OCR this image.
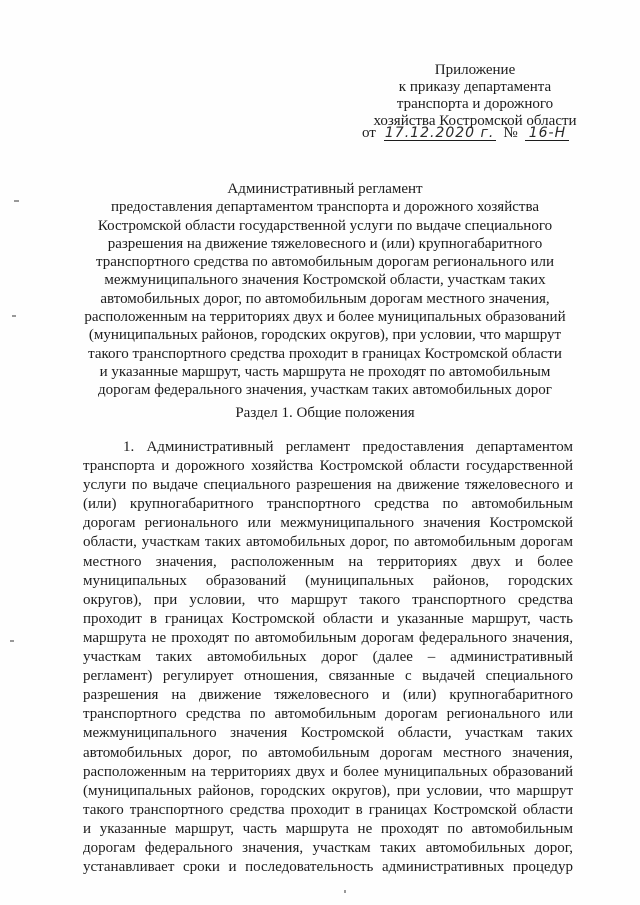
Приложение
к приказу департамента
транспорта и дорожного
хозяйства Костромской области
от 17.12.2020 г. № 16-Н
Административный регламент
предоставления департаментом транспорта и дорожного хозяйства
Костромской области государственной услуги по выдаче специального
разрешения на движение тяжеловесного и (или) крупногабаритного
транспортного средства по автомобильным дорогам регионального или
межмуниципального значения Костромской области, участкам таких
автомобильных дорог, по автомобильным дорогам местного значения,
расположенным на территориях двух и более муниципальных образований
(муниципальных районов, городских округов), при условии, что маршрут
такого транспортного средства проходит в границах Костромской области
и указанные маршрут, часть маршрута не проходят по автомобильным
дорогам федерального значения, участкам таких автомобильных дорог
Раздел 1. Общие положения
1. Административный регламент предоставления департаментом
транспорта и дорожного хозяйства Костромской области государственной
услуги по выдаче специального разрешения на движение тяжеловесного и
(или) крупногабаритного транспортного средства по автомобильным
дорогам регионального или межмуниципального значения Костромской
области, участкам таких автомобильных дорог, по автомобильным дорогам
местного значения, расположенным на территориях двух и более
муниципальных образований (муниципальных районов, городских
округов), при условии, что маршрут такого транспортного средства
проходит в границах Костромской области и указанные маршрут, часть
маршрута не проходят по автомобильным дорогам федерального значения,
участкам таких автомобильных дорог (далее – административный
регламент) регулирует отношения, связанные с выдачей специального
разрешения на движение тяжеловесного и (или) крупногабаритного
транспортного средства по автомобильным дорогам регионального или
межмуниципального значения Костромской области, участкам таких
автомобильных дорог, по автомобильным дорогам местного значения,
расположенным на территориях двух и более муниципальных образований
(муниципальных районов, городских округов), при условии, что маршрут
такого транспортного средства проходит в границах Костромской области
и указанные маршрут, часть маршрута не проходят по автомобильным
дорогам федерального значения, участкам таких автомобильных дорог,
устанавливает сроки и последовательность административных процедур
